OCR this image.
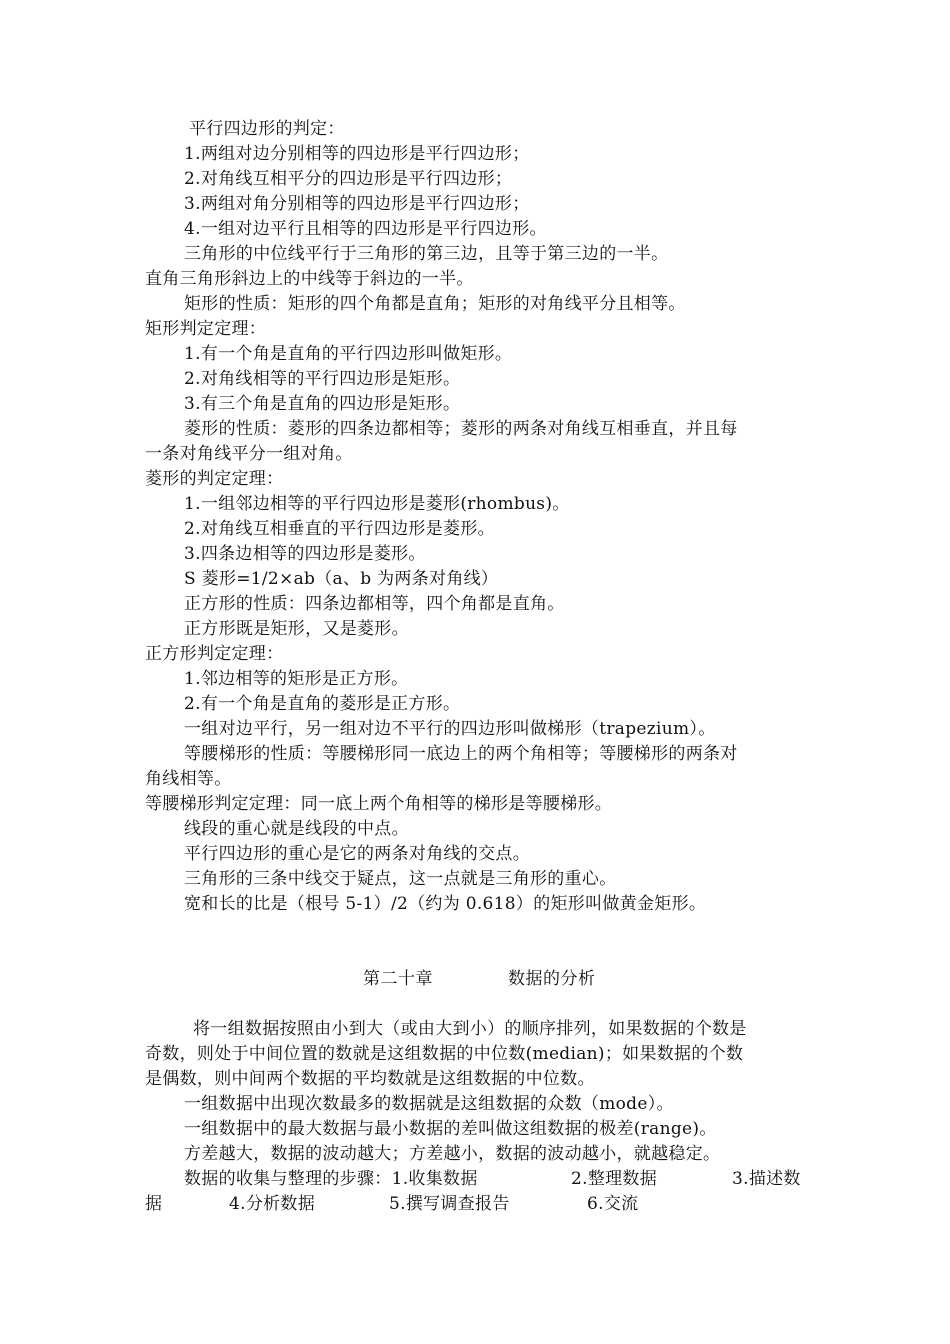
平行四边形的判定：
1.两组对边分别相等的四边形是平行四边形；
2.对角线互相平分的四边形是平行四边形；
3.两组对角分别相等的四边形是平行四边形；
4.一组对边平行且相等的四边形是平行四边形。
三角形的中位线平行于三角形的第三边，且等于第三边的一半。
直角三角形斜边上的中线等于斜边的一半。
矩形的性质：矩形的四个角都是直角；矩形的对角线平分且相等。
矩形判定定理：
1.有一个角是直角的平行四边形叫做矩形。
2.对角线相等的平行四边形是矩形。
3.有三个角是直角的四边形是矩形。
菱形的性质：菱形的四条边都相等；菱形的两条对角线互相垂直，并且每
一条对角线平分一组对角。
菱形的判定定理：
1.一组邻边相等的平行四边形是菱形(rhombus)。
2.对角线互相垂直的平行四边形是菱形。
3.四条边相等的四边形是菱形。
S 菱形=1/2×ab（a、b 为两条对角线）
正方形的性质：四条边都相等，四个角都是直角。
正方形既是矩形，又是菱形。
正方形判定定理：
1.邻边相等的矩形是正方形。
2.有一个角是直角的菱形是正方形。
一组对边平行，另一组对边不平行的四边形叫做梯形（trapezium）。
等腰梯形的性质：等腰梯形同一底边上的两个角相等；等腰梯形的两条对
角线相等。
等腰梯形判定定理：同一底上两个角相等的梯形是等腰梯形。
线段的重心就是线段的中点。
平行四边形的重心是它的两条对角线的交点。
三角形的三条中线交于疑点，这一点就是三角形的重心。
宽和长的比是（根号 5-1）/2（约为 0.618）的矩形叫做黄金矩形。
第二十章	数据的分析
将一组数据按照由小到大（或由大到小）的顺序排列，如果数据的个数是
奇数，则处于中间位置的数就是这组数据的中位数(median)；如果数据的个数
是偶数，则中间两个数据的平均数就是这组数据的中位数。
一组数据中出现次数最多的数据就是这组数据的众数（mode）。
一组数据中的最大数据与最小数据的差叫做这组数据的极差(range)。
方差越大，数据的波动越大；方差越小，数据的波动越小，就越稳定。
数据的收集与整理的步骤：1.收集数据	2.整理数据	3.描述数
据	4.分析数据	5.撰写调查报告	6.交流
